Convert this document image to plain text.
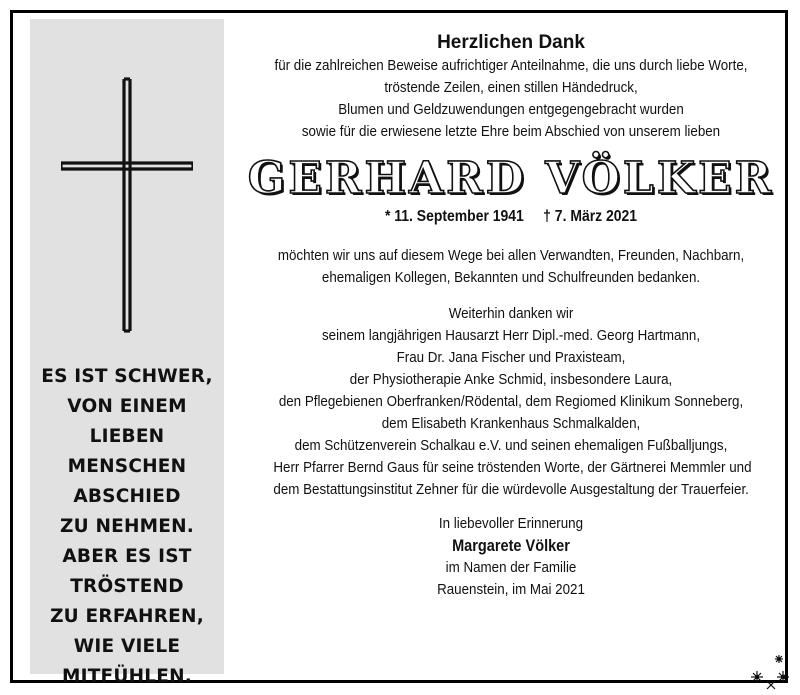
ES IST SCHWER,
VON EINEM
LIEBEN
MENSCHEN
ABSCHIED
ZU NEHMEN.
ABER ES IST
TRÖSTEND
ZU ERFAHREN,
WIE VIELE
MITFÜHLEN.
Herzlichen Dank
für die zahlreichen Beweise aufrichtiger Anteilnahme, die uns durch liebe Worte,
tröstende Zeilen, einen stillen Händedruck,
Blumen und Geldzuwendungen entgegengebracht wurden
sowie für die erwiesene letzte Ehre beim Abschied von unserem lieben
GERHARD VÖLKER
* 11. September 1941     † 7. März 2021
möchten wir uns auf diesem Wege bei allen Verwandten, Freunden, Nachbarn,
ehemaligen Kollegen, Bekannten und Schulfreunden bedanken.
Weiterhin danken wir
seinem langjährigen Hausarzt Herr Dipl.-med. Georg Hartmann,
Frau Dr. Jana Fischer und Praxisteam,
der Physiotherapie Anke Schmid, insbesondere Laura,
den Pflegebienen Oberfranken/Rödental, dem Regiomed Klinikum Sonneberg,
dem Elisabeth Krankenhaus Schmalkalden,
dem Schützenverein Schalkau e.V. und seinen ehemaligen Fußballjungs,
Herr Pfarrer Bernd Gaus für seine tröstenden Worte, der Gärtnerei Memmler und
dem Bestattungsinstitut Zehner für die würdevolle Ausgestaltung der Trauerfeier.
In liebevoller Erinnerung
Margarete Völker
im Namen der Familie
Rauenstein, im Mai 2021
